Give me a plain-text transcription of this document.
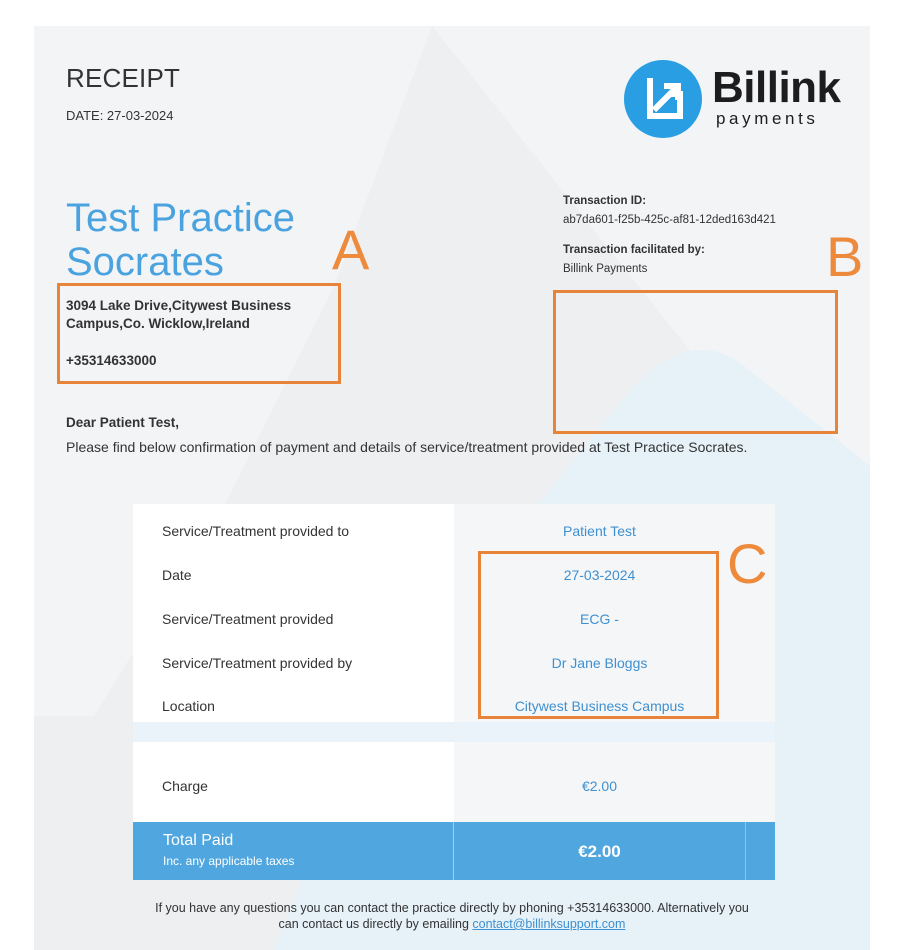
RECEIPT
DATE: 27-03-2024
Billink
payments
Test Practice
Socrates
3094 Lake Drive,Citywest Business
Campus,Co. Wicklow,Ireland
+35314633000
Transaction ID:
ab7da601-f25b-425c-af81-12ded163d421
Transaction facilitated by:
Billink Payments
A	B
Dear Patient Test,
Please find below confirmation of payment and details of service/treatment provided at Test Practice Socrates.
Service/Treatment provided to	Patient Test
Date	27-03-2024
Service/Treatment provided	ECG -
Service/Treatment provided by	Dr Jane Bloggs
Location	Citywest Business Campus
Charge	€2.00
C
Total Paid
Inc. any applicable taxes	€2.00
If you have any questions you can contact the practice directly by phoning +35314633000. Alternatively you
can contact us directly by emailing contact@billinksupport.com
